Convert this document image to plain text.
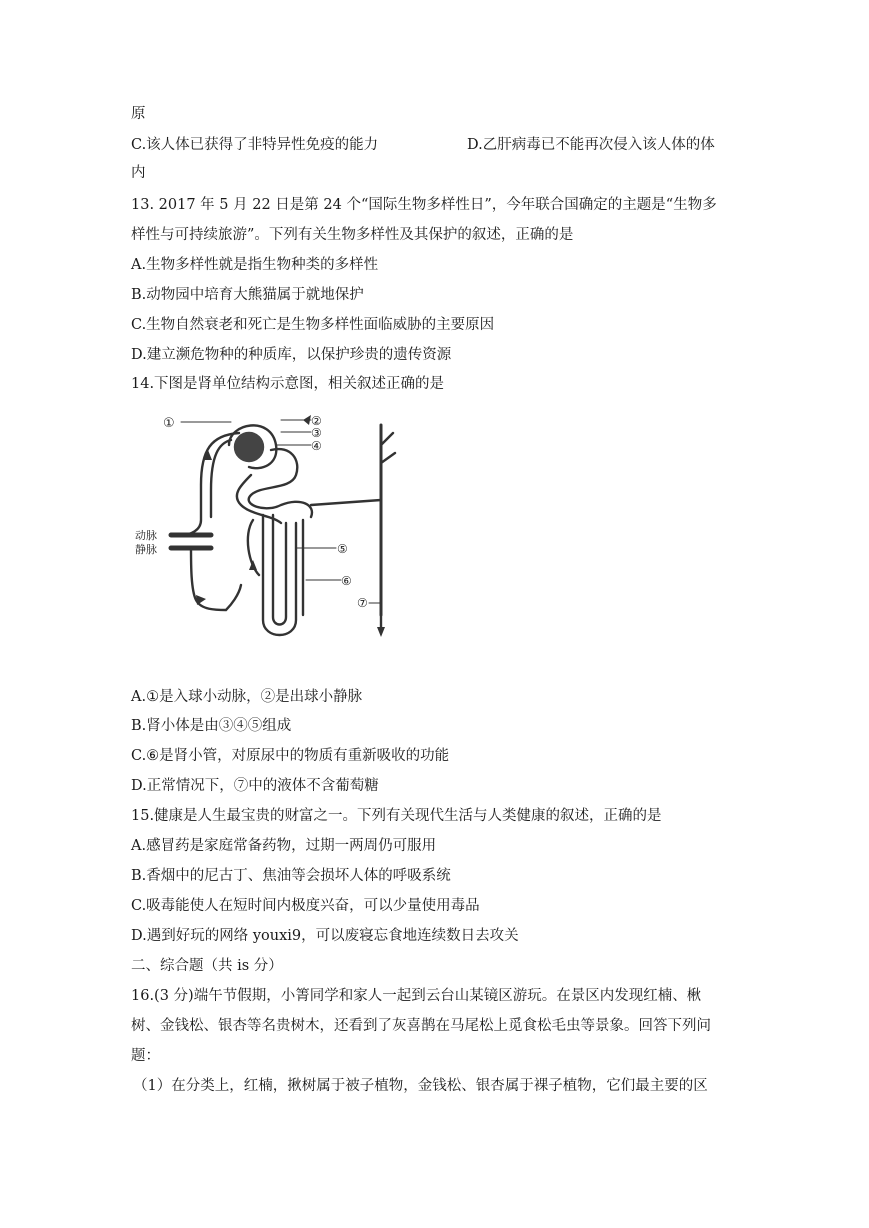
原
C.该人体已获得了非特异性免疫的能力	D.乙肝病毒已不能再次侵入该人体的体
内
13. 2017 年 5 月 22 日是第 24 个“国际生物多样性日”，今年联合国确定的主题是“生物多
样性与可持续旅游”。下列有关生物多样性及其保护的叙述，正确的是
A.生物多样性就是指生物种类的多样性
B.动物园中培育大熊猫属于就地保护
C.生物自然衰老和死亡是生物多样性面临威胁的主要原因
D.建立濒危物种的种质库，以保护珍贵的遗传资源
14.下图是肾单位结构示意图，相关叙述正确的是
①	②
③
④
⑤
⑥
⑦
动脉
静脉
A.①是入球小动脉，②是出球小静脉
B.肾小体是由③④⑤组成
C.⑥是肾小管，对原尿中的物质有重新吸收的功能
D.正常情况下，⑦中的液体不含葡萄糖
15.健康是人生最宝贵的财富之一。下列有关现代生活与人类健康的叙述，正确的是
A.感冒药是家庭常备药物，过期一两周仍可服用
B.香烟中的尼古丁、焦油等会损坏人体的呼吸系统
C.吸毒能使人在短时间内极度兴奋，可以少量使用毒品
D.遇到好玩的网络 youxi9，可以废寝忘食地连续数日去攻关
二、综合题（共 is 分）
16.(3 分)端午节假期，小箐同学和家人一起到云台山某镜区游玩。在景区内发现红楠、楸
树、金钱松、银杏等名贵树木，还看到了灰喜鹊在马尾松上觅食松毛虫等景象。回答下列问
题：
（1）在分类上，红楠，揪树属于被子植物，金钱松、银杏属于裸子植物，它们最主要的区
